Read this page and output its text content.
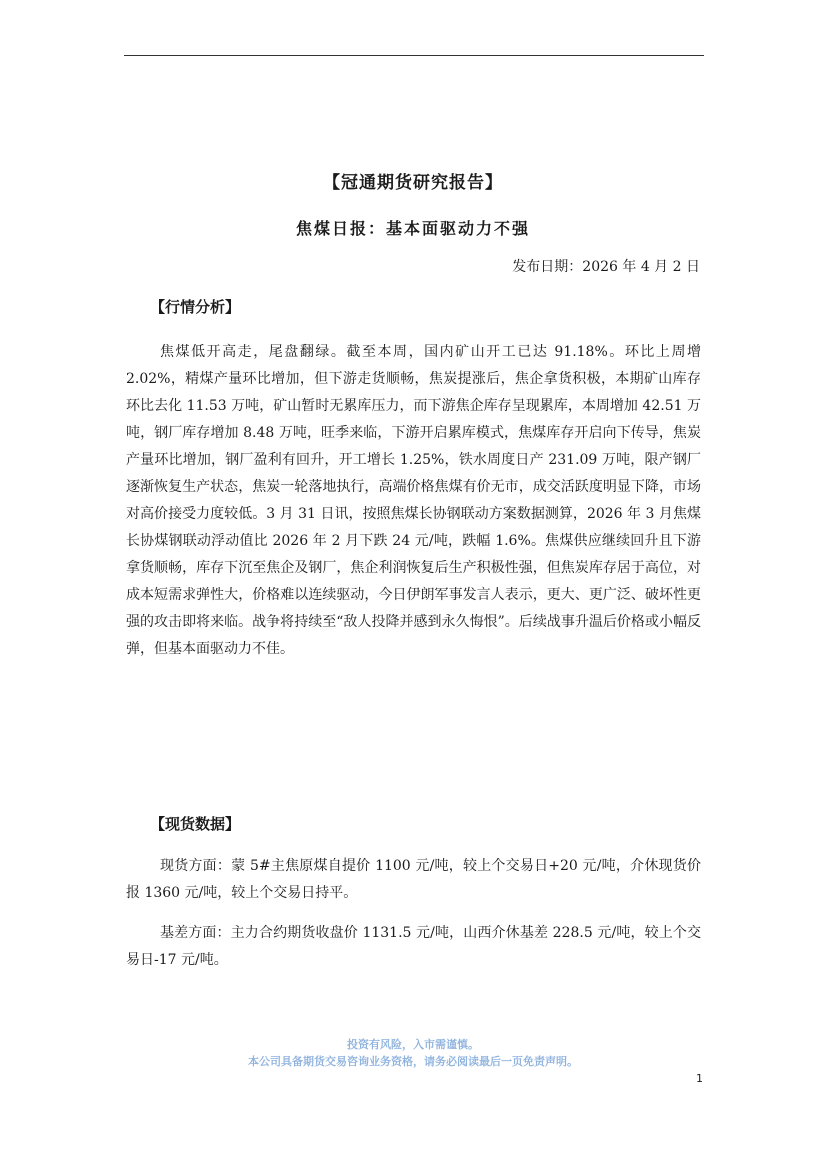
【冠通期货研究报告】
焦煤日报：基本面驱动力不强
发布日期：2026 年 4 月 2 日
【行情分析】

焦煤低开高走，尾盘翻绿。截至本周，国内矿山开工已达 91.18%。环比上周增 2.02%，精煤产量环比增加，但下游走货顺畅，焦炭提涨后，焦企拿货积极，本期矿山库存环比去化 11.53 万吨，矿山暂时无累库压力，而下游焦企库存呈现累库，本周增加 42.51 万吨，钢厂库存增加 8.48 万吨，旺季来临，下游开启累库模式，焦煤库存开启向下传导，焦炭产量环比增加，钢厂盈利有回升，开工增长 1.25%，铁水周度日产 231.09 万吨，限产钢厂逐渐恢复生产状态，焦炭一轮落地执行，高端价格焦煤有价无市，成交活跃度明显下降，市场对高价接受力度较低。3 月 31 日讯，按照焦煤长协钢联动方案数据测算，2026 年 3 月焦煤长协煤钢联动浮动值比 2026 年 2 月下跌 24 元/吨，跌幅 1.6%。焦煤供应继续回升且下游拿货顺畅，库存下沉至焦企及钢厂，焦企利润恢复后生产积极性强，但焦炭库存居于高位，对成本短需求弹性大，价格难以连续驱动，今日伊朗军事发言人表示，更大、更广泛、破坏性更强的攻击即将来临。战争将持续至“敌人投降并感到永久悔恨”。后续战事升温后价格或小幅反弹，但基本面驱动力不佳。

【现货数据】

现货方面：蒙 5#主焦原煤自提价 1100 元/吨，较上个交易日+20 元/吨，介休现货价报 1360 元/吨，较上个交易日持平。

基差方面：主力合约期货收盘价 1131.5 元/吨，山西介休基差 228.5 元/吨，较上个交易日-17 元/吨。

投资有风险，入市需谨慎。
本公司具备期货交易咨询业务资格，请务必阅读最后一页免责声明。
1
